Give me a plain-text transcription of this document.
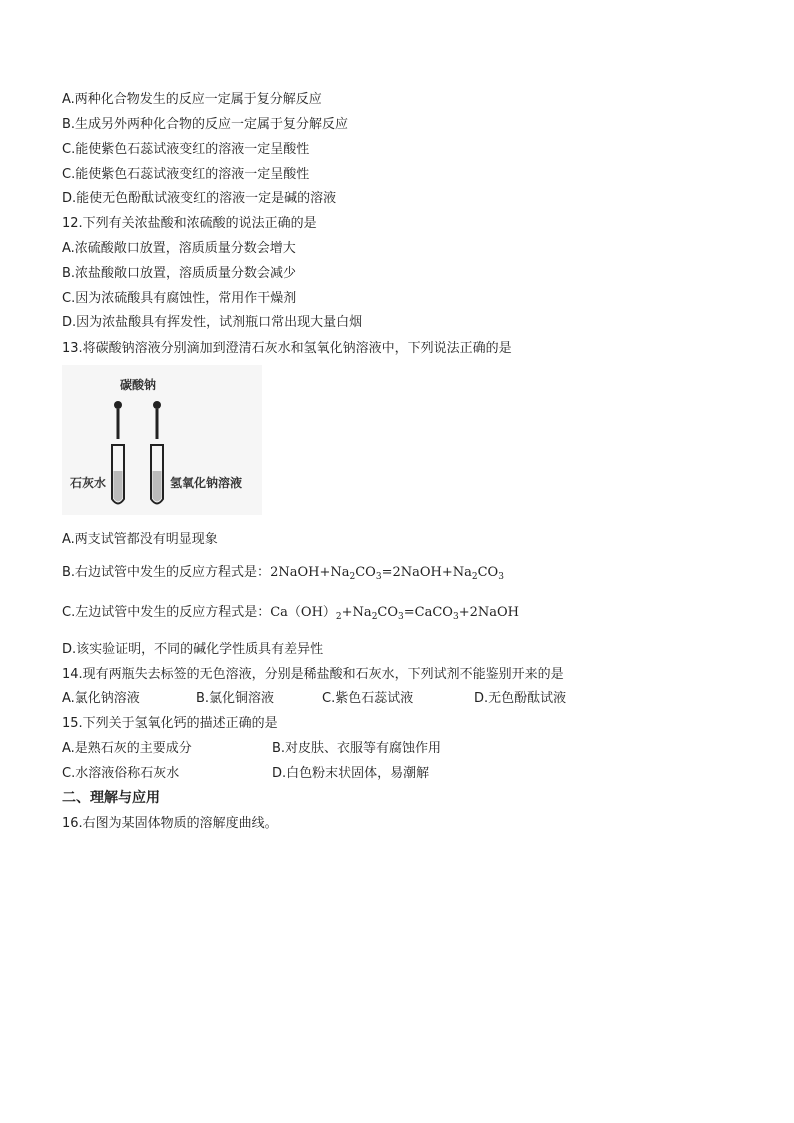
A.两种化合物发生的反应一定属于复分解反应
B.生成另外两种化合物的反应一定属于复分解反应
C.能使紫色石蕊试液变红的溶液一定呈酸性
C.能使紫色石蕊试液变红的溶液一定呈酸性
D.能使无色酚酞试液变红的溶液一定是碱的溶液
12.下列有关浓盐酸和浓硫酸的说法正确的是
A.浓硫酸敞口放置，溶质质量分数会增大
B.浓盐酸敞口放置，溶质质量分数会减少
C.因为浓硫酸具有腐蚀性，常用作干燥剂
D.因为浓盐酸具有挥发性，试剂瓶口常出现大量白烟
13.将碳酸钠溶液分别滴加到澄清石灰水和氢氧化钠溶液中，下列说法正确的是
碳酸钠
石灰水	氢氧化钠溶液
A.两支试管都没有明显现象
B.右边试管中发生的反应方程式是：$2NaOH+Na_2CO_3=2NaOH+Na_2CO_3$
C.左边试管中发生的反应方程式是：$Ca(OH)_2+Na_2CO_3=CaCO_3+2NaOH$
D.该实验证明，不同的碱化学性质具有差异性
14.现有两瓶失去标签的无色溶液，分别是稀盐酸和石灰水，下列试剂不能鉴别开来的是
A.氯化钠溶液	B.氯化铜溶液	C.紫色石蕊试液	D.无色酚酞试液
15.下列关于氢氧化钙的描述正确的是
A.是熟石灰的主要成分	B.对皮肤、衣服等有腐蚀作用
C.水溶液俗称石灰水	D.白色粉末状固体，易潮解
二、理解与应用
16.右图为某固体物质的溶解度曲线。
